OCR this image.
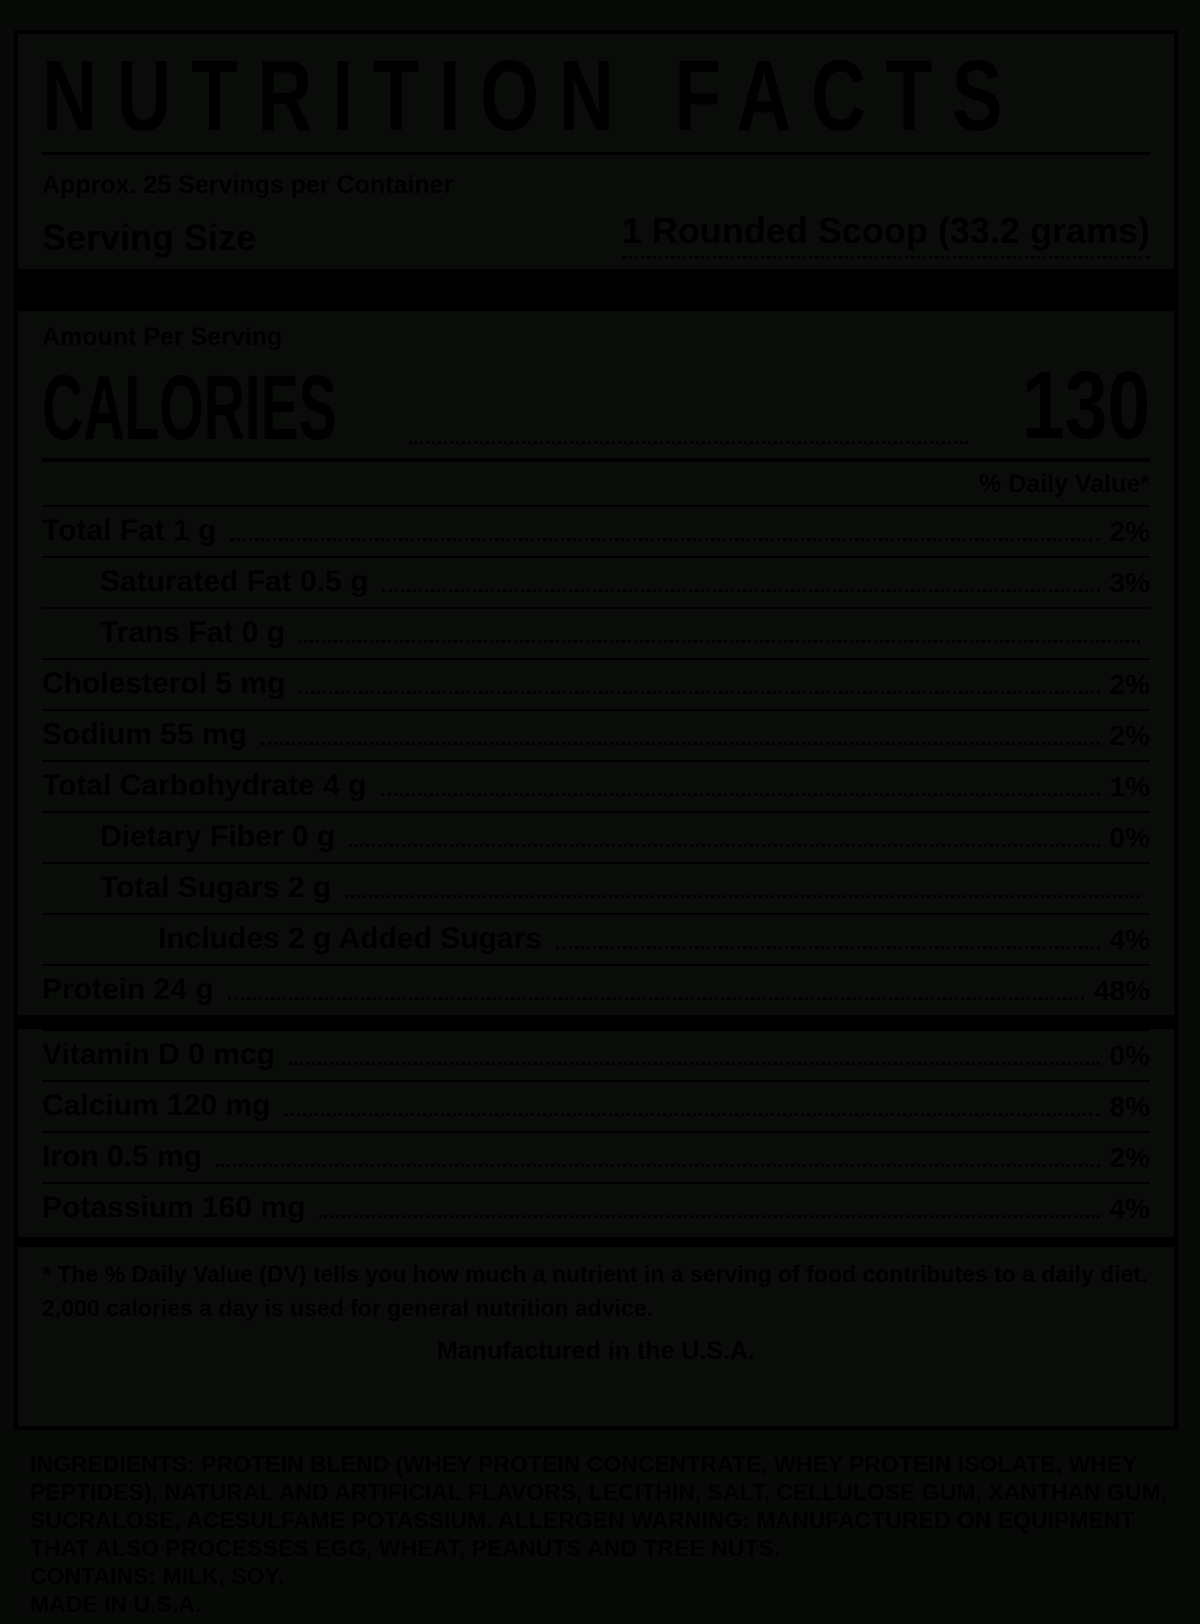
NUTRITION FACTS
Approx. 25 Servings per Container
Serving Size	1 Rounded Scoop (33.2 grams)
Amount Per Serving
CALORIES	130
% Daily Value*
Total Fat 1 g	2%
Saturated Fat 0.5 g	3%
Trans Fat 0 g
Cholesterol 5 mg	2%
Sodium 55 mg	2%
Total Carbohydrate 4 g	1%
Dietary Fiber 0 g	0%
Total Sugars 2 g
Includes 2 g Added Sugars	4%
Protein 24 g	48%
Vitamin D 0 mcg	0%
Calcium 120 mg	8%
Iron 0.5 mg	2%
Potassium 160 mg	4%
* The % Daily Value (DV) tells you how much a nutrient in a serving of food contributes to a daily diet. 2,000 calories a day is used for general nutrition advice.
Manufactured in the U.S.A.
INGREDIENTS: PROTEIN BLEND (WHEY PROTEIN CONCENTRATE, WHEY PROTEIN ISOLATE, WHEY PEPTIDES), NATURAL AND ARTIFICIAL FLAVORS, LECITHIN, SALT, CELLULOSE GUM, XANTHAN GUM, SUCRALOSE, ACESULFAME POTASSIUM. ALLERGEN WARNING: MANUFACTURED ON EQUIPMENT THAT ALSO PROCESSES EGG, WHEAT, PEANUTS AND TREE NUTS.
CONTAINS: MILK, SOY.
MADE IN U.S.A.
